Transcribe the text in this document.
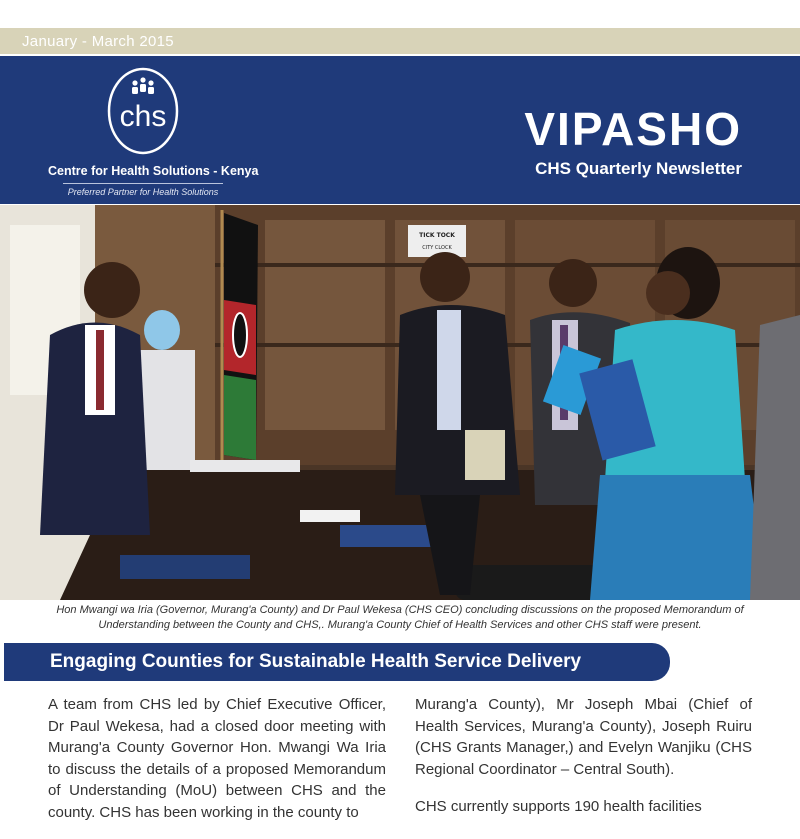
January - March 2015
chs
Centre for Health Solutions - Kenya
Preferred Partner for Health Solutions
VIPASHO
CHS Quarterly Newsletter
TICK TOCK
CITY CLOCK
Hon Mwangi wa Iria (Governor, Murang'a County) and Dr Paul Wekesa (CHS CEO) concluding discussions on the proposed Memorandum of Understanding between the County and CHS,. Murang'a County Chief of Health Services and other CHS staff were present.
Engaging Counties for Sustainable Health Service Delivery

A team from CHS led by Chief Executive Officer, Dr Paul Wekesa, had a closed door meeting with Murang'a County Governor Hon. Mwangi Wa Iria to discuss the details of a proposed Memorandum of Understanding (MoU) between CHS and the county. CHS has been working in the county to

Murang'a County), Mr Joseph Mbai (Chief of Health Services, Murang'a County), Joseph Ruiru (CHS Grants Manager,) and Evelyn Wanjiku (CHS Regional Coordinator – Central South).

CHS currently supports 190 health facilities
